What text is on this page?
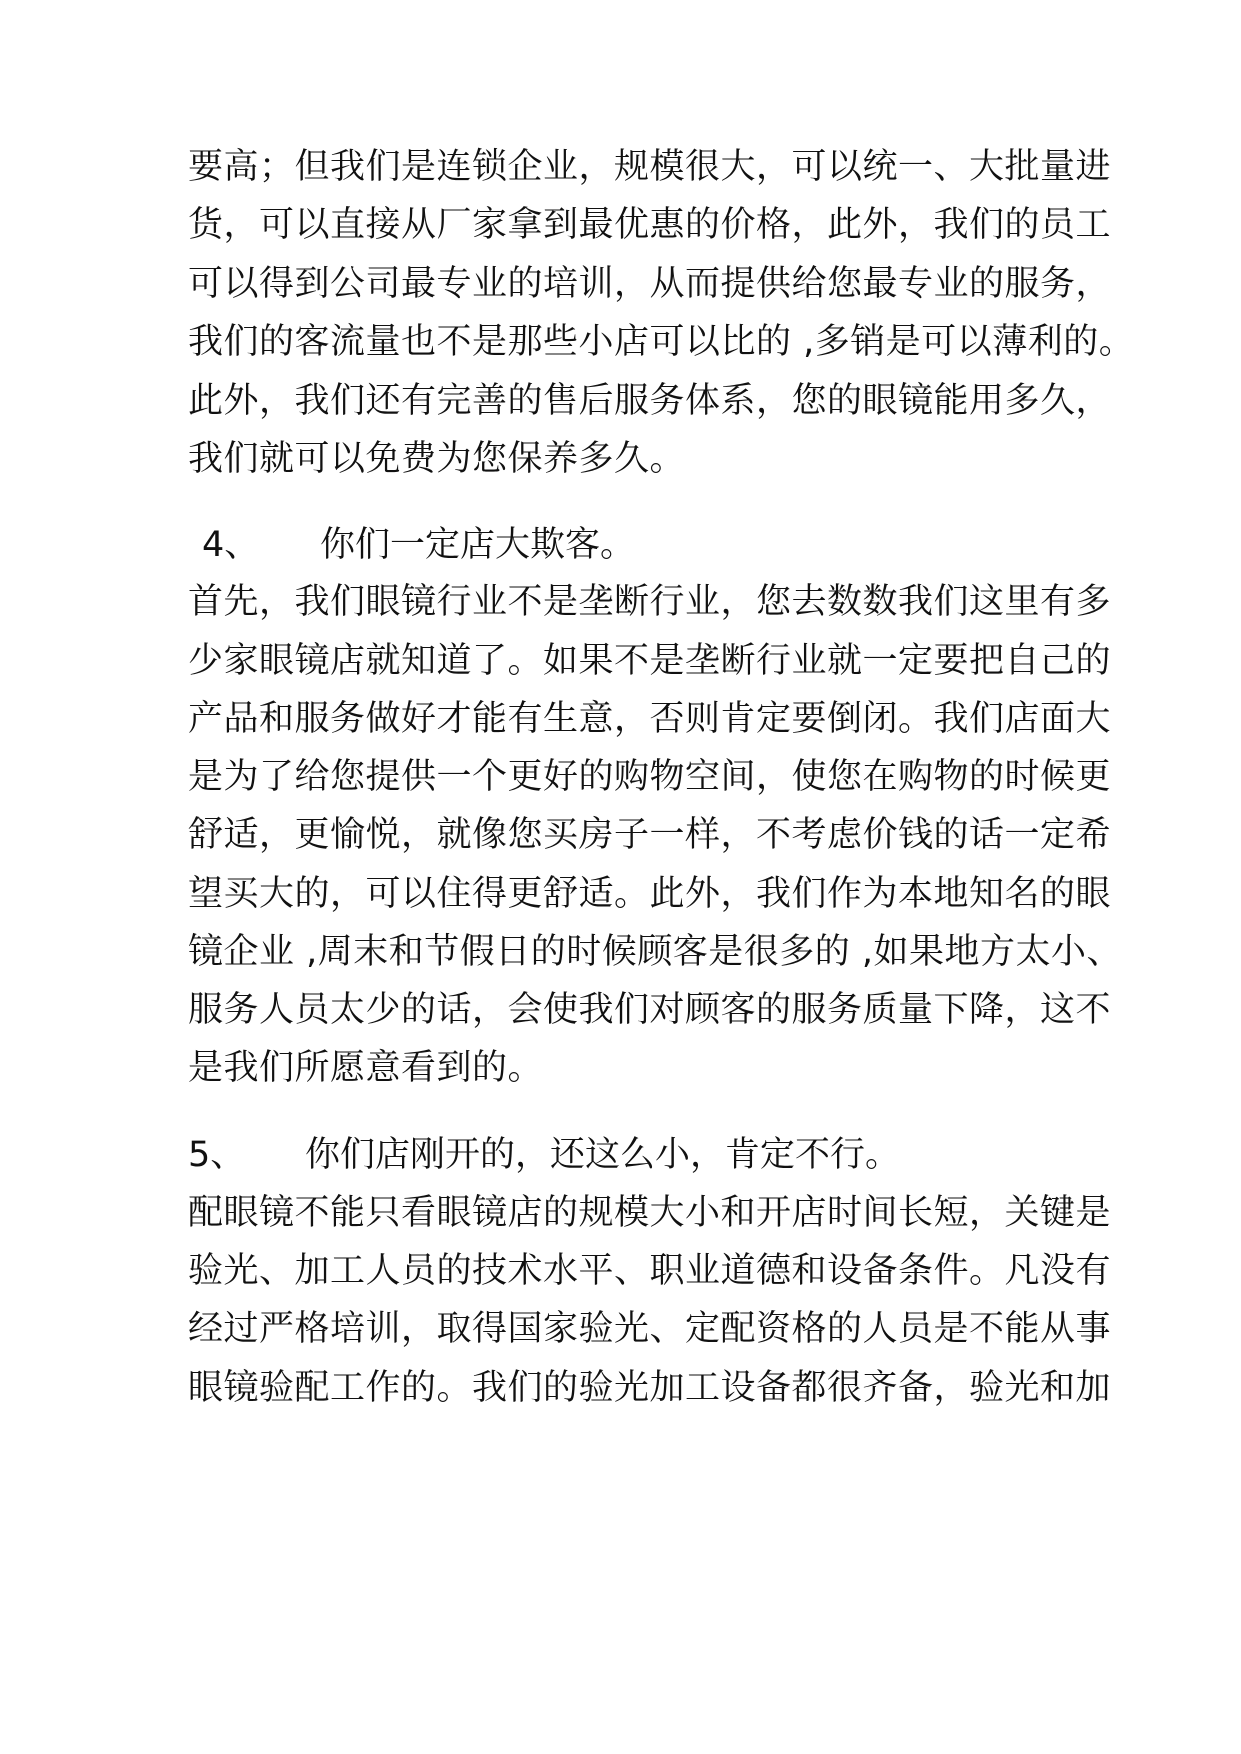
要高；但我们是连锁企业，规模很大，可以统一、大批量进
货，可以直接从厂家拿到最优惠的价格，此外，我们的员工
可以得到公司最专业的培训，从而提供给您最专业的服务，
我们的客流量也不是那些小店可以比的 ,多销是可以薄利的。
此外，我们还有完善的售后服务体系，您的眼镜能用多久，
我们就可以免费为您保养多久。
4、 你们一定店大欺客。
首先，我们眼镜行业不是垄断行业，您去数数我们这里有多
少家眼镜店就知道了。如果不是垄断行业就一定要把自己的
产品和服务做好才能有生意，否则肯定要倒闭。我们店面大
是为了给您提供一个更好的购物空间，使您在购物的时候更
舒适，更愉悦，就像您买房子一样，不考虑价钱的话一定希
望买大的，可以住得更舒适。此外，我们作为本地知名的眼
镜企业 ,周末和节假日的时候顾客是很多的 ,如果地方太小、
服务人员太少的话，会使我们对顾客的服务质量下降，这不
是我们所愿意看到的。
5、 你们店刚开的，还这么小，肯定不行。
配眼镜不能只看眼镜店的规模大小和开店时间长短，关键是
验光、加工人员的技术水平、职业道德和设备条件。凡没有
经过严格培训，取得国家验光、定配资格的人员是不能从事
眼镜验配工作的。我们的验光加工设备都很齐备，验光和加
